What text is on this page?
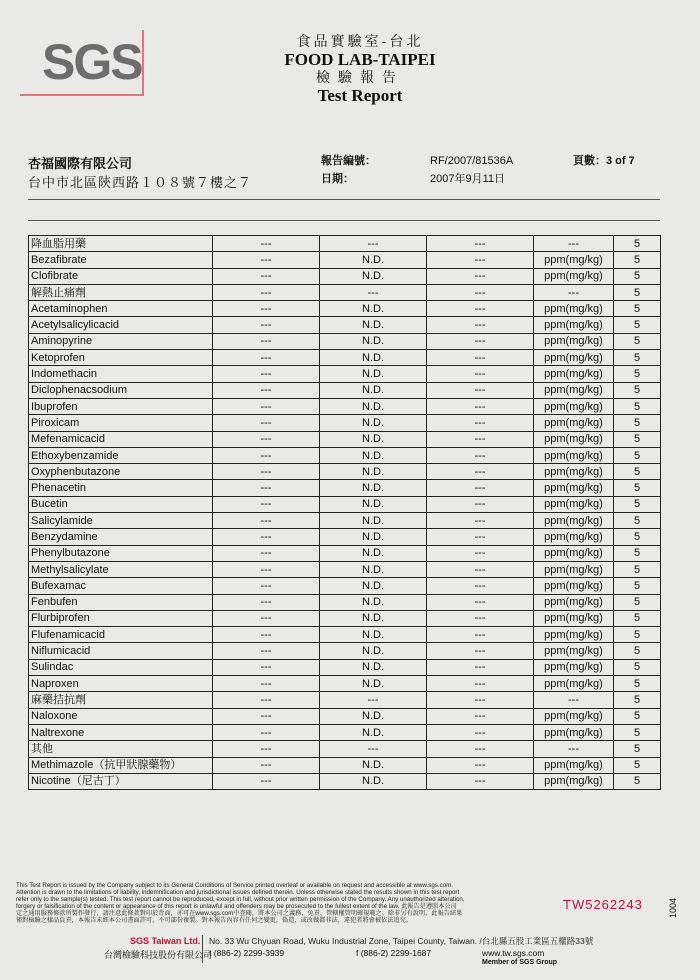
SGS	食品實驗室-台北
FOOD LAB-TAIPEI
檢驗報告
Test Report
杏福國際有限公司
台中市北區陝西路１０８號７樓之７
報告編號：
日期：
RF/2007/81536A
2007年9月11日
頁數：3 of 7
降血脂用藥	---	---	---	---	5
Bezafibrate	---	N.D.	---	ppm(mg/kg)	5
Clofibrate	---	N.D.	---	ppm(mg/kg)	5
解熱止痛劑	---	---	---	---	5
Acetaminophen	---	N.D.	---	ppm(mg/kg)	5
Acetylsalicylicacid	---	N.D.	---	ppm(mg/kg)	5
Aminopyrine	---	N.D.	---	ppm(mg/kg)	5
Ketoprofen	---	N.D.	---	ppm(mg/kg)	5
Indomethacin	---	N.D.	---	ppm(mg/kg)	5
Diclophenacsodium	---	N.D.	---	ppm(mg/kg)	5
Ibuprofen	---	N.D.	---	ppm(mg/kg)	5
Piroxicam	---	N.D.	---	ppm(mg/kg)	5
Mefenamicacid	---	N.D.	---	ppm(mg/kg)	5
Ethoxybenzamide	---	N.D.	---	ppm(mg/kg)	5
Oxyphenbutazone	---	N.D.	---	ppm(mg/kg)	5
Phenacetin	---	N.D.	---	ppm(mg/kg)	5
Bucetin	---	N.D.	---	ppm(mg/kg)	5
Salicylamide	---	N.D.	---	ppm(mg/kg)	5
Benzydamine	---	N.D.	---	ppm(mg/kg)	5
Phenylbutazone	---	N.D.	---	ppm(mg/kg)	5
Methylsalicylate	---	N.D.	---	ppm(mg/kg)	5
Bufexamac	---	N.D.	---	ppm(mg/kg)	5
Fenbufen	---	N.D.	---	ppm(mg/kg)	5
Flurbiprofen	---	N.D.	---	ppm(mg/kg)	5
Flufenamicacid	---	N.D.	---	ppm(mg/kg)	5
Niflumicacid	---	N.D.	---	ppm(mg/kg)	5
Sulindac	---	N.D.	---	ppm(mg/kg)	5
Naproxen	---	N.D.	---	ppm(mg/kg)	5
麻藥拮抗劑	---	---	---	---	5
Naloxone	---	N.D.	---	ppm(mg/kg)	5
Naltrexone	---	N.D.	---	ppm(mg/kg)	5
其他	---	---	---	---	5
Methimazole（抗甲狀腺藥物）	---	N.D.	---	ppm(mg/kg)	5
Nicotine（尼古丁）	---	N.D.	---	ppm(mg/kg)	5
This Test Report is issued by the Company subject to its General Conditions of Service printed overleaf or available on request and accessible at www.sgs.com.
Attention is drawn to the limitations of liability, indemnification and jurisdictional issues defined therein. Unless otherwise stated the results shown in this test report
refer only to the sample(s) tested. This test report cannot be reproduced, except in full, without prior written permission of the Company. Any unauthorized alteration,
forgery or falsification of the content or appearance of this report is unlawful and offenders may be prosecuted to the fullest extent of the law. 此報告是遵照本公司
定之通用服務條款所製作發行，請注意此條款對印於背面，亦可在www.sgs.com中查閱，將本公司之義務、免責、管轄權管明確規範之。除非另有說明，此報告結果
僅對檢驗之樣品負責，本報告未經本公司書面許可，不可部份複製。對本報告內容有任何之變更，偽造，或改做都非法，違犯者將會被依法追究。
TW5262243	1004
SGS Taiwan Ltd.
台灣檢驗科技股份有限公司
No. 33 Wu Chyuan Road, Wuku Industrial Zone, Taipei County, Taiwan. /台北縣五股工業區五權路33號
t (886-2) 2299-3939	f (886-2) 2299-1687	www.tw.sgs.com
Member of SGS Group
